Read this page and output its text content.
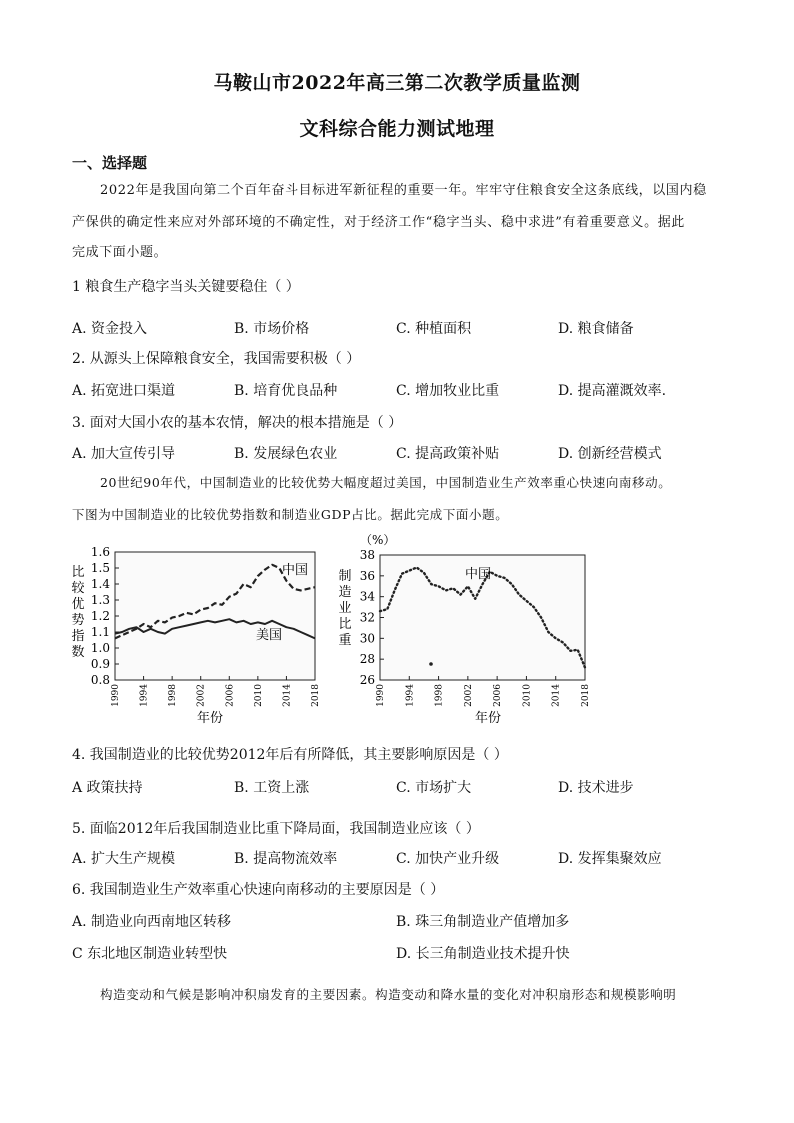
马鞍山市2022年高三第二次教学质量监测
文科综合能力测试地理
一、选择题
2022年是我国向第二个百年奋斗目标进军新征程的重要一年。牢牢守住粮食安全这条底线，以国内稳
产保供的确定性来应对外部环境的不确定性，对于经济工作“稳字当头、稳中求进”有着重要意义。据此
完成下面小题。
1 粮食生产稳字当头关键要稳住（ ）
A. 资金投入	B. 市场价格	C. 种植面积	D. 粮食储备
2. 从源头上保障粮食安全，我国需要积极（ ）
A. 拓宽进口渠道	B. 培育优良品种	C. 增加牧业比重	D. 提高灌溉效率.
3. 面对大国小农的基本农情，解决的根本措施是（ ）
A. 加大宣传引导	B. 发展绿色农业	C. 提高政策补贴	D. 创新经营模式
20世纪90年代，中国制造业的比较优势大幅度超过美国，中国制造业生产效率重心快速向南移动。
下图为中国制造业的比较优势指数和制造业GDP占比。据此完成下面小题。
1.6
1.5
1.4
1.3
1.2
1.1
1.0
0.9
0.8
1990 1994 1998 2002 2006 2010 2014 2018
比
较
优
势
指
数
中国
美国
年份
（%）
38
36
34
32
30
28
26
1990 1994 1998 2002 2006 2010 2014 2018
制
造
业
比
重
中国
年份
4. 我国制造业的比较优势2012年后有所降低，其主要影响原因是（ ）
A 政策扶持	B. 工资上涨	C. 市场扩大	D. 技术进步
5. 面临2012年后我国制造业比重下降局面，我国制造业应该（ ）
A. 扩大生产规模	B. 提高物流效率	C. 加快产业升级	D. 发挥集聚效应
6. 我国制造业生产效率重心快速向南移动的主要原因是（ ）
A. 制造业向西南地区转移	B. 珠三角制造业产值增加多
C 东北地区制造业转型快	D. 长三角制造业技术提升快
构造变动和气候是影响冲积扇发育的主要因素。构造变动和降水量的变化对冲积扇形态和规模影响明
